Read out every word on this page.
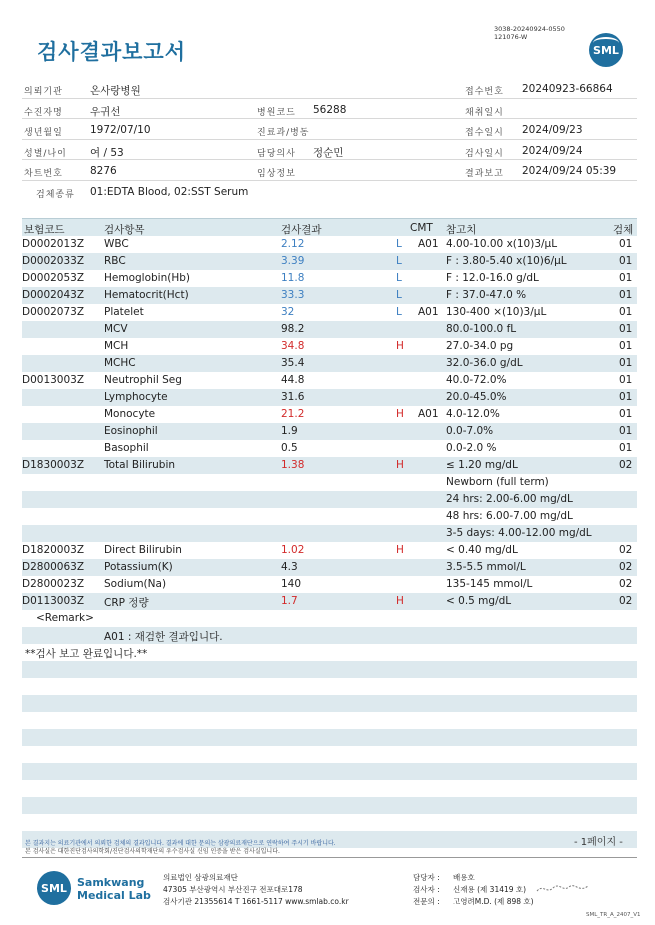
검사결과보고서
3038-20240924-0550
121076-W
SML
의뢰기관	온사랑병원	접수번호 20240923-66864
수진자명	우귀선	병원코드 56288	채취일시
생년월일	1972/07/10	진료과/병동	접수일시 2024/09/23
성별/나이 여 / 53	담당의사 정순민	검사일시 2024/09/24
차트번호	8276	임상정보	결과보고 2024/09/24 05:39
검체종류 01:EDTA Blood, 02:SST Serum
보험코드	검사항목	검사결과	CMT 참고치	검체
D0002013Z WBC	2.12	L A01 4.00-10.00 x(10)3/μL	01
D0002033Z RBC	3.39	L	F : 3.80-5.40 x(10)6/μL	01
D0002053Z Hemoglobin(Hb)	11.8	L	F : 12.0-16.0 g/dL	01
D0002043Z Hematocrit(Hct)	33.3	L	F : 37.0-47.0 %	01
D0002073Z Platelet	32	L A01 130-400 ×(10)3/μL	01
MCV	98.2	80.0-100.0 fL	01
MCH	34.8	H	27.0-34.0 pg	01
MCHC	35.4	32.0-36.0 g/dL	01
D0013003Z Neutrophil Seg	44.8	40.0-72.0%	01
Lymphocyte	31.6	20.0-45.0%	01
Monocyte	21.2	H A01 4.0-12.0%	01
Eosinophil	1.9	0.0-7.0%	01
Basophil	0.5	0.0-2.0 %	01
D1830003Z Total Bilirubin	1.38	H	≤ 1.20 mg/dL	02
Newborn (full term)
24 hrs: 2.00-6.00 mg/dL
48 hrs: 6.00-7.00 mg/dL
3-5 days: 4.00-12.00 mg/dL
D1820003Z Direct Bilirubin	1.02	H	< 0.40 mg/dL	02
D2800063Z Potassium(K)	4.3	3.5-5.5 mmol/L	02
D2800023Z Sodium(Na)	140	135-145 mmol/L	02
D0113003Z CRP 정량	1.7	H	< 0.5 mg/dL	02
<Remark>
A01 : 재검한 결과입니다.
**검사 보고 완료입니다.**
본 결과지는 의료기관에서 의뢰한 검체의 결과입니다. 결과에 대한 문의는 삼광의료재단으로 연락하여 주시기 바랍니다.
본 검사실은 대한진단검사의학회/진단검사의학재단의 우수검사실 신임 인증을 받은 검사실입니다.
- 1페이지 -
SML Samkwang
Medical Lab
의료법인 삼광의료재단
47305 부산광역시 부산진구 전포대로178
검사기관 21355614 T 1661-5117 www.smlab.co.kr
담당자 : 배용호
검사자 : 신재용 (제 31419 호)
전문의 : 고영려M.D. (제 898 호)
SML_TR_A_2407_V1
